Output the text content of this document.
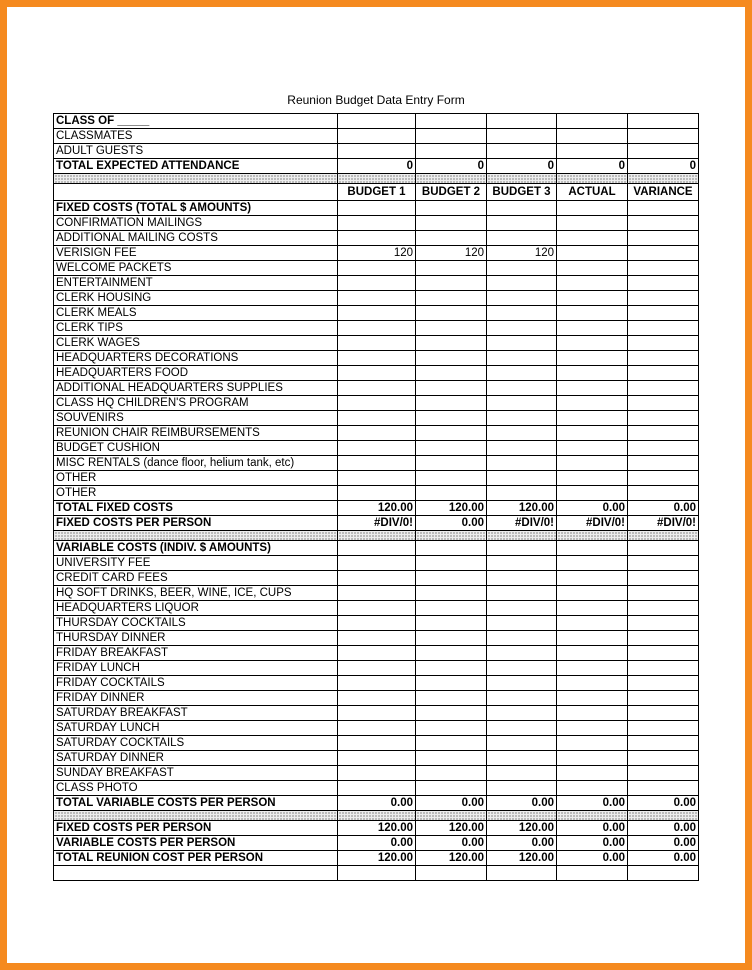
Reunion Budget Data Entry Form
CLASS OF _____					
CLASSMATES					
ADULT GUESTS					
TOTAL EXPECTED ATTENDANCE	0	0	0	0	0

	BUDGET 1	BUDGET 2	BUDGET 3	ACTUAL	VARIANCE
FIXED COSTS (TOTAL $ AMOUNTS)					
CONFIRMATION MAILINGS					
ADDITIONAL MAILING COSTS					
VERISIGN FEE	120	120	120		
WELCOME PACKETS					
ENTERTAINMENT					
CLERK HOUSING					
CLERK MEALS					
CLERK TIPS					
CLERK WAGES					
HEADQUARTERS DECORATIONS					
HEADQUARTERS FOOD					
ADDITIONAL HEADQUARTERS SUPPLIES					
CLASS HQ CHILDREN'S PROGRAM					
SOUVENIRS					
REUNION CHAIR REIMBURSEMENTS					
BUDGET CUSHION					
MISC RENTALS (dance floor, helium tank, etc)					
OTHER					
OTHER					
TOTAL FIXED COSTS	120.00	120.00	120.00	0.00	0.00
FIXED COSTS PER PERSON	#DIV/0!	0.00	#DIV/0!	#DIV/0!	#DIV/0!

VARIABLE COSTS (INDIV. $ AMOUNTS)					
UNIVERSITY FEE					
CREDIT CARD FEES					
HQ SOFT DRINKS, BEER, WINE, ICE, CUPS					
HEADQUARTERS LIQUOR					
THURSDAY COCKTAILS					
THURSDAY DINNER					
FRIDAY BREAKFAST					
FRIDAY LUNCH					
FRIDAY COCKTAILS					
FRIDAY DINNER					
SATURDAY BREAKFAST					
SATURDAY LUNCH					
SATURDAY COCKTAILS					
SATURDAY DINNER					
SUNDAY BREAKFAST					
CLASS PHOTO					
TOTAL VARIABLE COSTS PER PERSON	0.00	0.00	0.00	0.00	0.00

FIXED COSTS PER PERSON	120.00	120.00	120.00	0.00	0.00
VARIABLE COSTS PER PERSON	0.00	0.00	0.00	0.00	0.00
TOTAL REUNION COST PER PERSON	120.00	120.00	120.00	0.00	0.00
